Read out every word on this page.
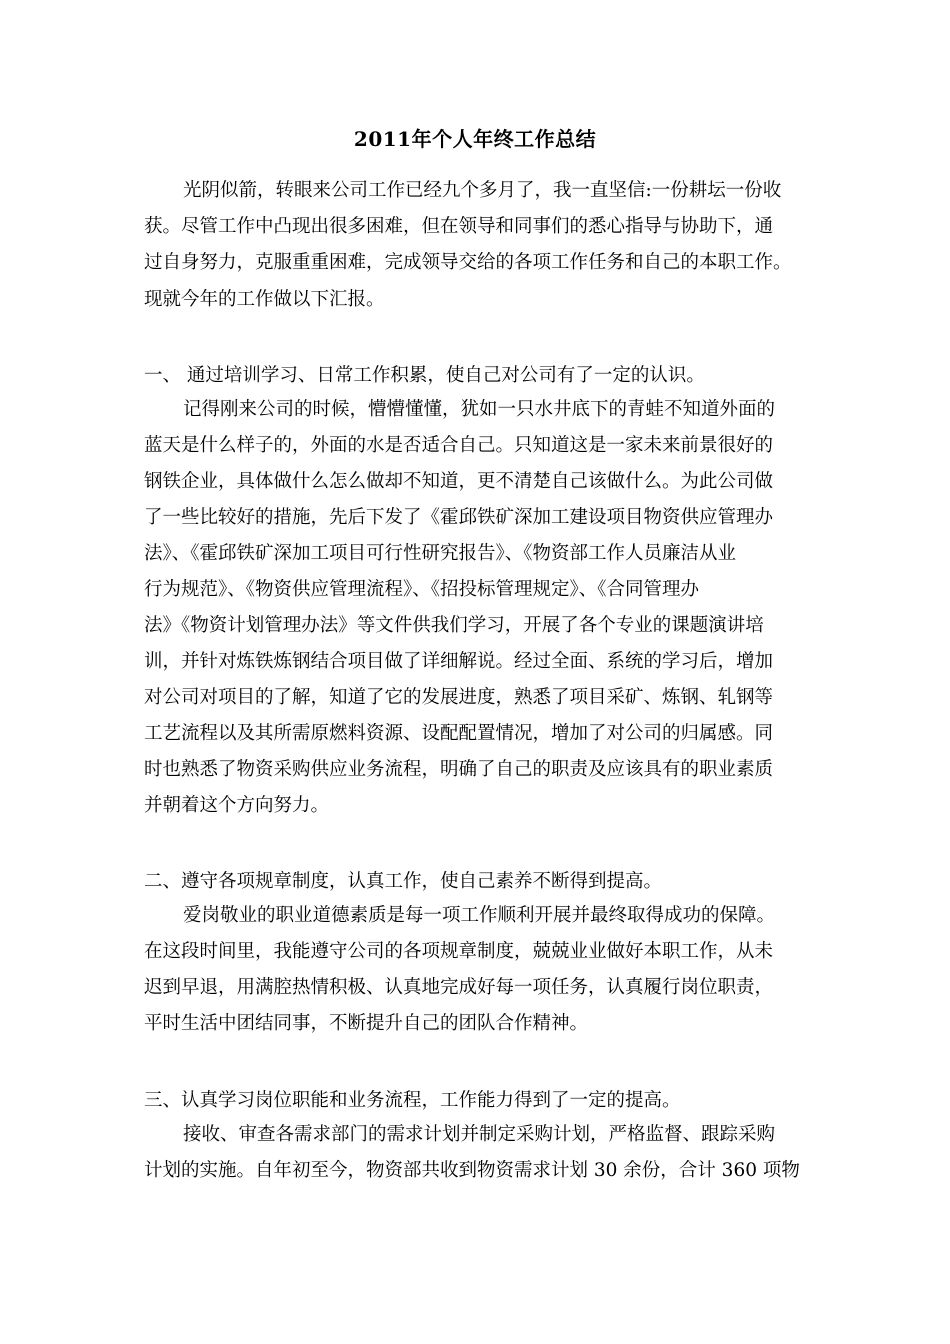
2011年个人年终工作总结
光阴似箭，转眼来公司工作已经九个多月了，我一直坚信:一份耕坛一份收
获。尽管工作中凸现出很多困难，但在领导和同事们的悉心指导与协助下，通
过自身努力，克服重重困难，完成领导交给的各项工作任务和自己的本职工作。
现就今年的工作做以下汇报。
一、 通过培训学习、日常工作积累，使自己对公司有了一定的认识。
记得刚来公司的时候，懵懵懂懂，犹如一只水井底下的青蛙不知道外面的
蓝天是什么样子的，外面的水是否适合自己。只知道这是一家未来前景很好的
钢铁企业，具体做什么怎么做却不知道，更不清楚自己该做什么。为此公司做
了一些比较好的措施，先后下发了《霍邱铁矿深加工建设项目物资供应管理办
法》、《霍邱铁矿深加工项目可行性研究报告》、《物资部工作人员廉洁从业
行为规范》、《物资供应管理流程》、《招投标管理规定》、《合同管理办
法》《物资计划管理办法》等文件供我们学习，开展了各个专业的课题演讲培
训，并针对炼铁炼钢结合项目做了详细解说。经过全面、系统的学习后，增加
对公司对项目的了解，知道了它的发展进度，熟悉了项目采矿、炼钢、轧钢等
工艺流程以及其所需原燃料资源、设配配置情况，增加了对公司的归属感。同
时也熟悉了物资采购供应业务流程，明确了自己的职责及应该具有的职业素质
并朝着这个方向努力。
二、遵守各项规章制度，认真工作，使自己素养不断得到提高。
爱岗敬业的职业道德素质是每一项工作顺利开展并最终取得成功的保障。
在这段时间里，我能遵守公司的各项规章制度，兢兢业业做好本职工作，从未
迟到早退，用满腔热情积极、认真地完成好每一项任务，认真履行岗位职责，
平时生活中团结同事，不断提升自己的团队合作精神。
三、认真学习岗位职能和业务流程，工作能力得到了一定的提高。
接收、审查各需求部门的需求计划并制定采购计划，严格监督、跟踪采购
计划的实施。自年初至今，物资部共收到物资需求计划 30 余份，合计 360 项物
